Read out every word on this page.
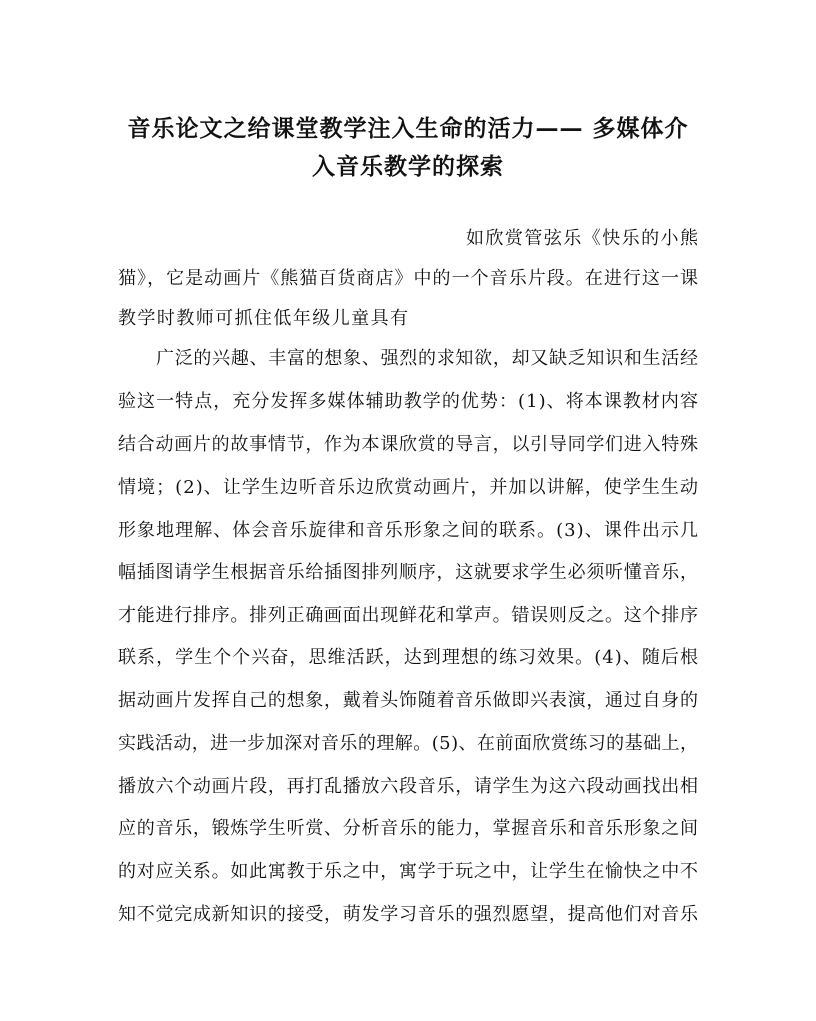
音乐论文之给课堂教学注入生命的活力—— 多媒体介
入音乐教学的探索
如欣赏管弦乐《快乐的小熊
猫》，它是动画片《熊猫百货商店》中的一个音乐片段。在进行这一课
教学时教师可抓住低年级儿童具有
广泛的兴趣、丰富的想象、强烈的求知欲，却又缺乏知识和生活经
验这一特点，充分发挥多媒体辅助教学的优势：(1)、将本课教材内容
结合动画片的故事情节，作为本课欣赏的导言，以引导同学们进入特殊
情境；(2)、让学生边听音乐边欣赏动画片，并加以讲解，使学生生动
形象地理解、体会音乐旋律和音乐形象之间的联系。(3)、课件出示几
幅插图请学生根据音乐给插图排列顺序，这就要求学生必须听懂音乐，
才能进行排序。排列正确画面出现鲜花和掌声。错误则反之。这个排序
联系，学生个个兴奋，思维活跃，达到理想的练习效果。(4)、随后根
据动画片发挥自己的想象，戴着头饰随着音乐做即兴表演，通过自身的
实践活动，进一步加深对音乐的理解。(5)、在前面欣赏练习的基础上，
播放六个动画片段，再打乱播放六段音乐，请学生为这六段动画找出相
应的音乐，锻炼学生听赏、分析音乐的能力，掌握音乐和音乐形象之间
的对应关系。如此寓教于乐之中，寓学于玩之中，让学生在愉快之中不
知不觉完成新知识的接受，萌发学习音乐的强烈愿望，提高他们对音乐
